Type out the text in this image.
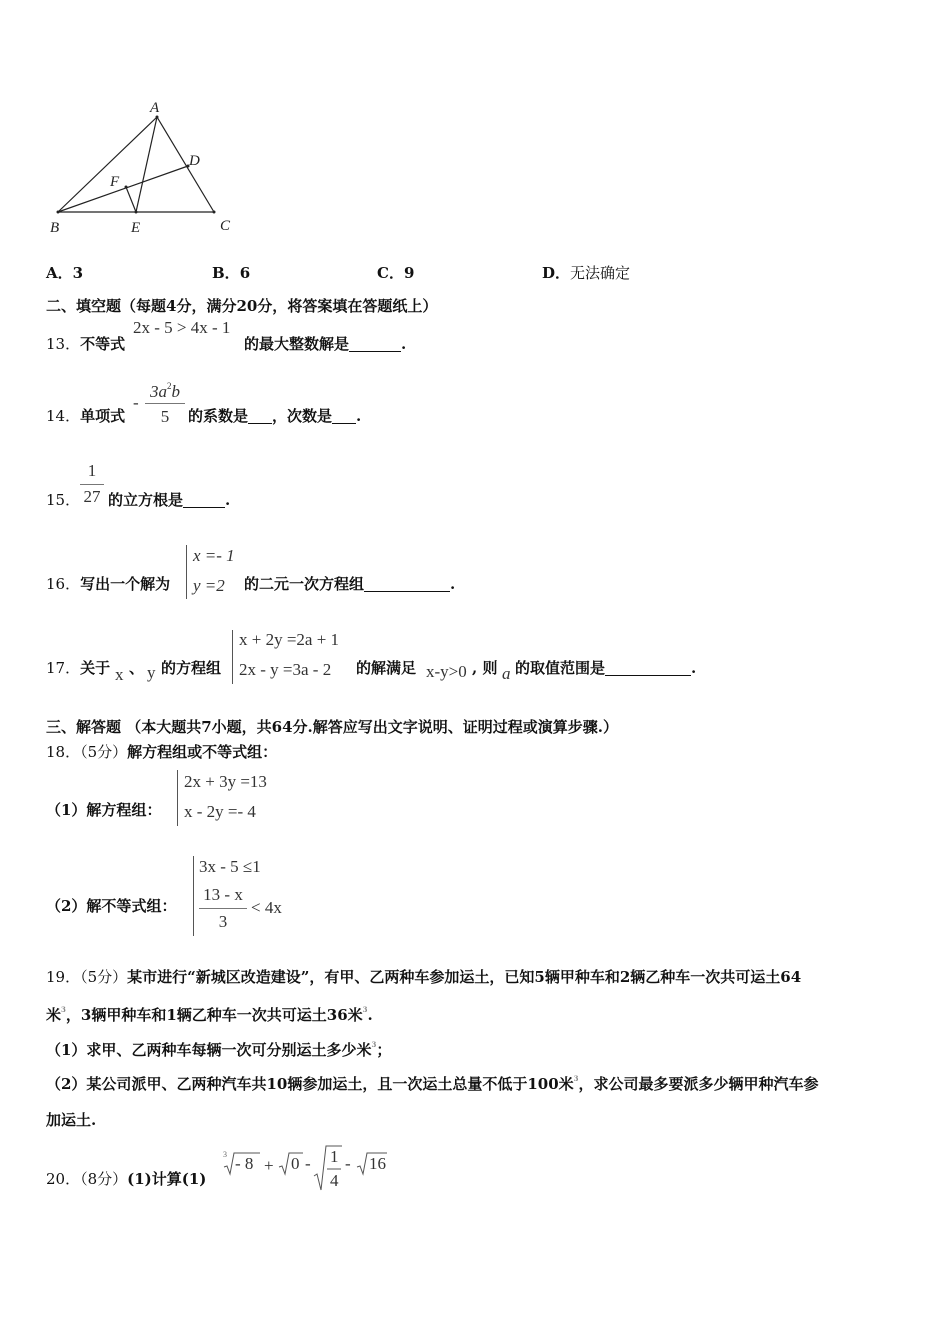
A
B	C
D
E
F
A．3	B．6	C．9	D．无法确定
二、填空题（每题4分，满分20分，将答案填在答题纸上）
13．不等式
2x - 5 > 4x - 1
的最大整数解是	.
14．单项式
-
$3a^2b$
5	的系数是 ，次数是 .
15．
1
27 的立方根是	.
16．写出一个解为
x =- 1
y =2 的二元一次方程组	.
17．关于 x 、 y 的方程组
x + 2y =2a + 1
2x - y =3a - 2 的解满足 x-y>0 , 则 a 的取值范围是	.
三、解答题 （本大题共7小题，共64分.解答应写出文字说明、证明过程或演算步骤.）
18．（5分）解方程组或不等式组：
（1）解方程组：
2x + 3y =13
x - 2y =- 4
（2）解不等式组：
3x - 5 ≤1
13 - x
3
< 4x
19．（5分）某市进行“新城区改造建设”，有甲、乙两种车参加运土，已知5辆甲种车和2辆乙种车一次共可运土64
米$^3$，3辆甲种车和1辆乙种车一次共可运土36米$^3$.
（1）求甲、乙两种车每辆一次可分别运土多少米$^3$；
（2）某公司派甲、乙两种汽车共10辆参加运土，且一次运土总量不低于100米$^3$，求公司最多要派多少辆甲种汽车参
加运土.
20．（8分）(1)计算(1)
3 - 8 + 0 - 1
4
- 16
